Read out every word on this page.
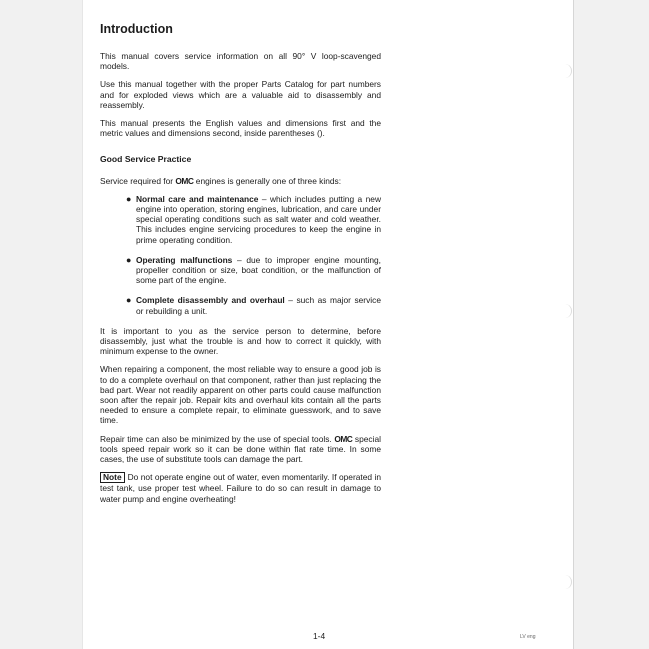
Introduction

This manual covers service information on all 90° V loop-scavenged models.

Use this manual together with the proper Parts Catalog for part numbers and for exploded views which are a valuable aid to disassembly and reassembly.

This manual presents the English values and dimensions first and the metric values and dimensions second, inside parentheses ().

Good Service Practice

Service required for OMC engines is generally one of three kinds:

● Normal care and maintenance – which includes putting a new engine into operation, storing engines, lubrication, and care under special operating conditions such as salt water and cold weather. This includes engine servicing procedures to keep the engine in prime operating condition.
● Operating malfunctions – due to improper engine mounting, propeller condition or size, boat condition, or the malfunction of some part of the engine.
● Complete disassembly and overhaul – such as major service or rebuilding a unit.

It is important to you as the service person to determine, before disassembly, just what the trouble is and how to correct it quickly, with minimum expense to the owner.

When repairing a component, the most reliable way to ensure a good job is to do a complete overhaul on that component, rather than just replacing the bad part. Wear not readily apparent on other parts could cause malfunction soon after the repair job. Repair kits and overhaul kits contain all the parts needed to ensure a complete repair, to eliminate guesswork, and to save time.

Repair time can also be minimized by the use of special tools. OMC special tools speed repair work so it can be done within flat rate time. In some cases, the use of substitute tools can damage the part.

Note Do not operate engine out of water, even momentarily. If operated in test tank, use proper test wheel. Failure to do so can result in damage to water pump and engine overheating!

1-4	LV eng
